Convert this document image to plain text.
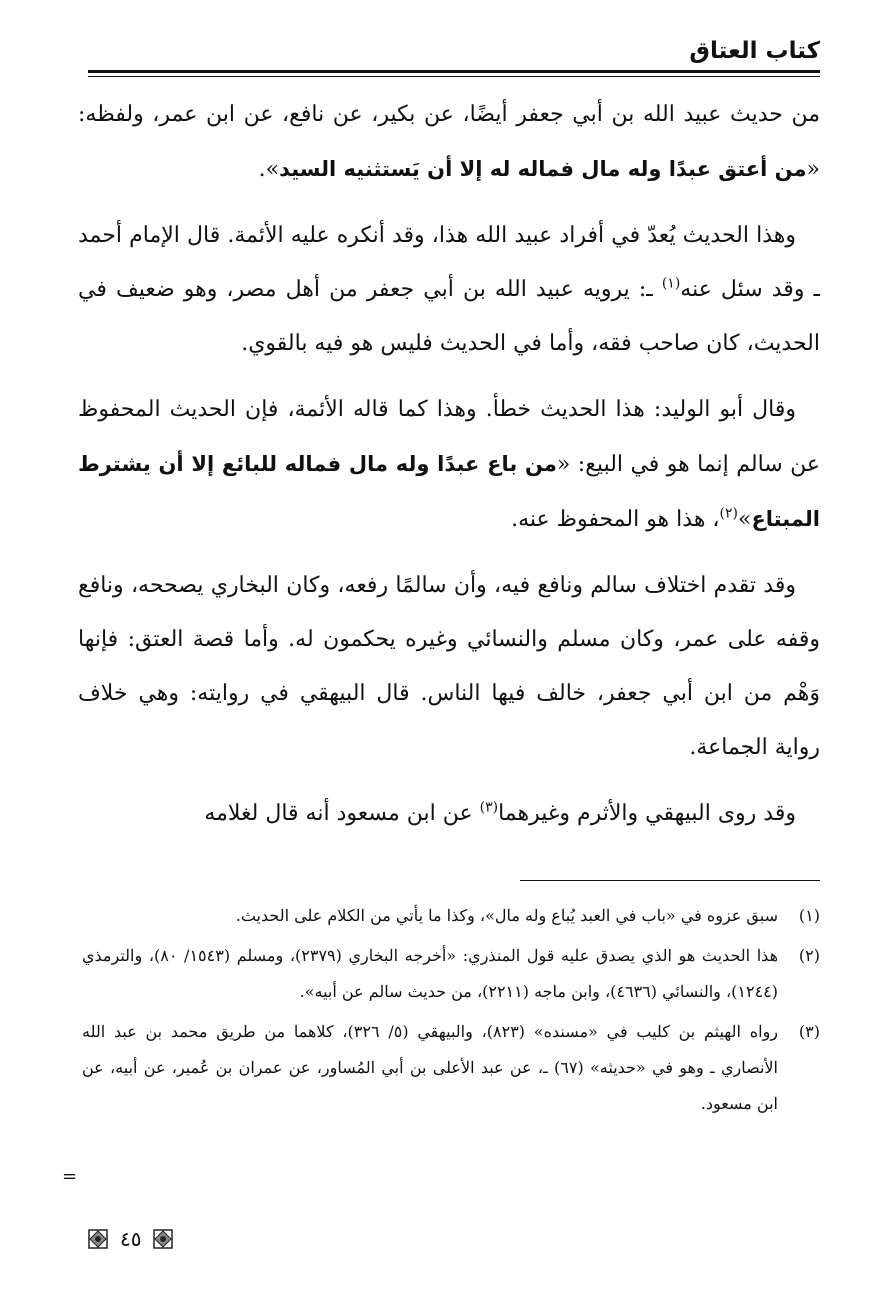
كتاب العتاق

من حديث عبيد الله بن أبي جعفر أيضًا، عن بكير، عن نافع، عن ابن عمر، ولفظه: «من أعتق عبدًا وله مال فماله له إلا أن يَستثنيه السيد».

وهذا الحديث يُعدّ في أفراد عبيد الله هذا، وقد أنكره عليه الأئمة. قال الإمام أحمد ـ وقد سئل عنه$^{(١)}$ ـ: يرويه عبيد الله بن أبي جعفر من أهل مصر، وهو ضعيف في الحديث، كان صاحب فقه، وأما في الحديث فليس هو فيه بالقوي.

وقال أبو الوليد: هذا الحديث خطأ. وهذا كما قاله الأئمة، فإن الحديث المحفوظ عن سالم إنما هو في البيع: «من باع عبدًا وله مال فماله للبائع إلا أن يشترط المبتاع»$^{(٢)}$، هذا هو المحفوظ عنه.

وقد تقدم اختلاف سالم ونافع فيه، وأن سالمًا رفعه، وكان البخاري يصححه، ونافع وقفه على عمر، وكان مسلم والنسائي وغيره يحكمون له. وأما قصة العتق: فإنها وَهْم من ابن أبي جعفر، خالف فيها الناس. قال البيهقي في روايته: وهي خلاف رواية الجماعة.

وقد روى البيهقي والأثرم وغيرهما$^{(٣)}$ عن ابن مسعود أنه قال لغلامه

(١)
سبق عزوه في «باب في العبد يُباع وله مال»، وكذا ما يأتي من الكلام على الحديث.
(٢)
هذا الحديث هو الذي يصدق عليه قول المنذري: «أخرجه البخاري (٢٣٧٩)، ومسلم (١٥٤٣/ ٨٠)، والترمذي (١٢٤٤)، والنسائي (٤٦٣٦)، وابن ماجه (٢٢١١)، من حديث سالم عن أبيه».
(٣)
رواه الهيثم بن كليب في «مسنده» (٨٢٣)، والبيهقي (٥/ ٣٢٦)، كلاهما من طريق محمد بن عبد الله الأنصاري ـ وهو في «حديثه» (٦٧) ـ، عن عبد الأعلى بن أبي المُساور، عن عمران بن عُمير، عن أبيه، عن ابن مسعود.
=
٤٥
